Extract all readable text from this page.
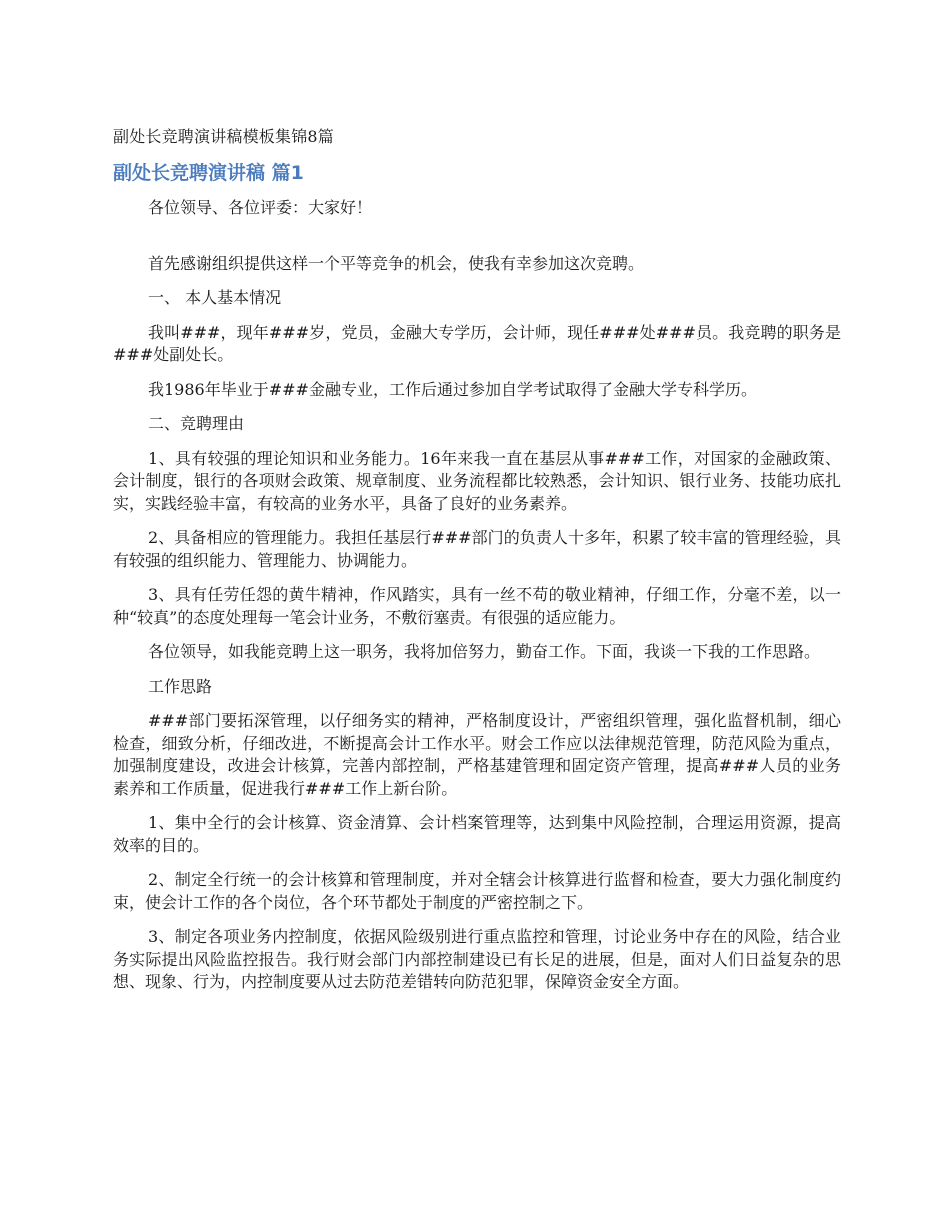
副处长竞聘演讲稿模板集锦8篇
副处长竞聘演讲稿 篇1

各位领导、各位评委：大家好！

首先感谢组织提供这样一个平等竞争的机会，使我有幸参加这次竞聘。

一、 本人基本情况

我叫###，现年###岁，党员，金融大专学历，会计师，现任###处###员。我竞聘的职务是###处副处长。

我1986年毕业于###金融专业，工作后通过参加自学考试取得了金融大学专科学历。

二、竞聘理由

1、具有较强的理论知识和业务能力。16年来我一直在基层从事###工作，对国家的金融政策、会计制度，银行的各项财会政策、规章制度、业务流程都比较熟悉，会计知识、银行业务、技能功底扎实，实践经验丰富，有较高的业务水平，具备了良好的业务素养。

2、具备相应的管理能力。我担任基层行###部门的负责人十多年，积累了较丰富的管理经验，具有较强的组织能力、管理能力、协调能力。

3、具有任劳任怨的黄牛精神，作风踏实，具有一丝不苟的敬业精神，仔细工作，分毫不差，以一种“较真”的态度处理每一笔会计业务，不敷衍塞责。有很强的适应能力。

各位领导，如我能竞聘上这一职务，我将加倍努力，勤奋工作。下面，我谈一下我的工作思路。

工作思路

###部门要拓深管理，以仔细务实的精神，严格制度设计，严密组织管理，强化监督机制，细心检查，细致分析，仔细改进，不断提高会计工作水平。财会工作应以法律规范管理，防范风险为重点，加强制度建设，改进会计核算，完善内部控制，严格基建管理和固定资产管理，提高###人员的业务素养和工作质量，促进我行###工作上新台阶。

1、集中全行的会计核算、资金清算、会计档案管理等，达到集中风险控制，合理运用资源，提高效率的目的。

2、制定全行统一的会计核算和管理制度，并对全辖会计核算进行监督和检查，要大力强化制度约束，使会计工作的各个岗位，各个环节都处于制度的严密控制之下。

3、制定各项业务内控制度，依据风险级别进行重点监控和管理，讨论业务中存在的风险，结合业务实际提出风险监控报告。我行财会部门内部控制建设已有长足的进展，但是，面对人们日益复杂的思想、现象、行为，内控制度要从过去防范差错转向防范犯罪，保障资金安全方面。
